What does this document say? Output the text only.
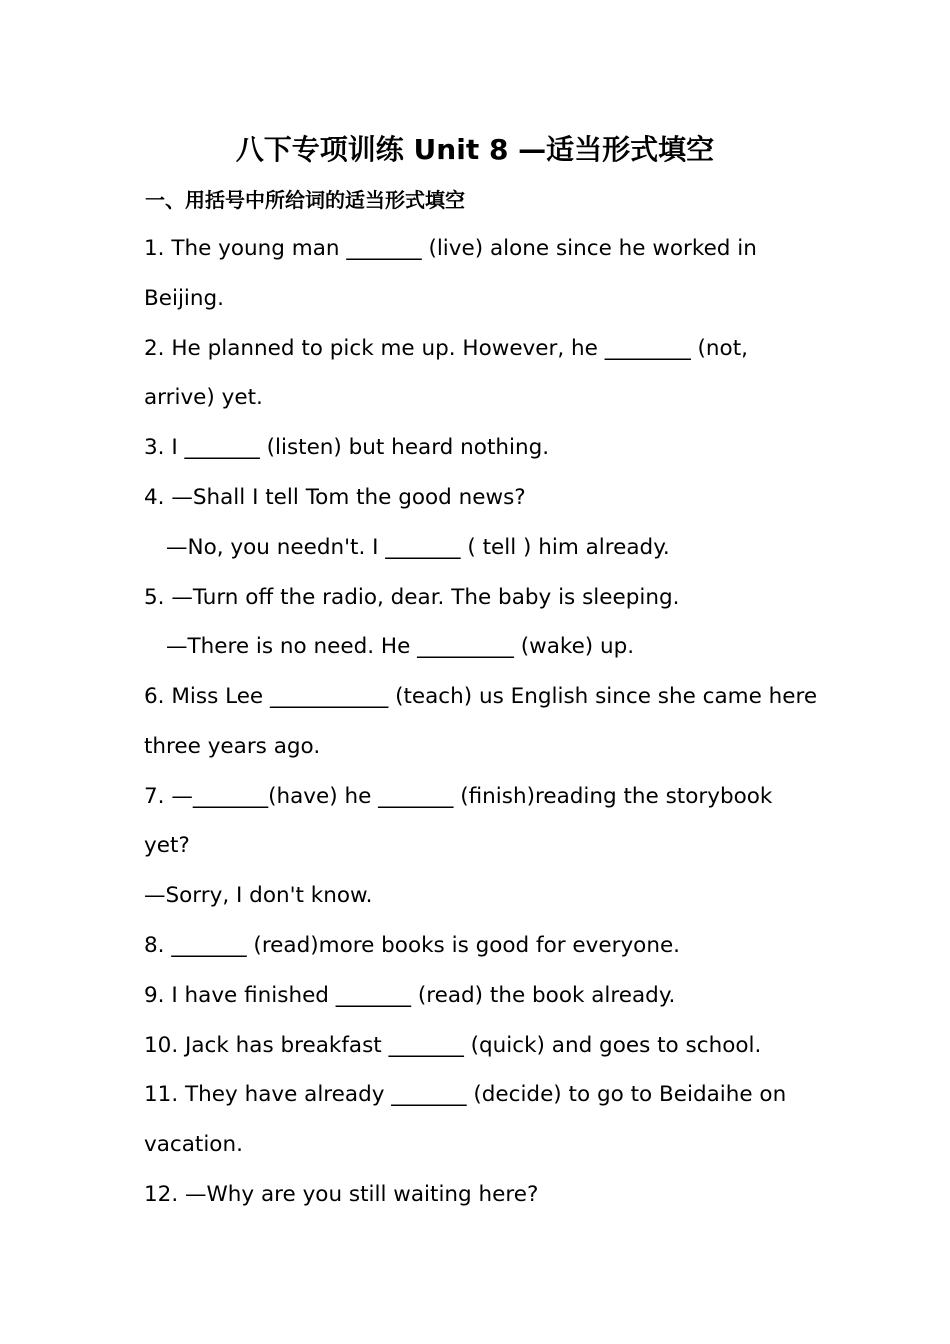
八下专项训练 Unit 8 —适当形式填空
一、用括号中所给词的适当形式填空
1. The young man _______ (live) alone since he worked in
Beijing.
2. He planned to pick me up. However, he ________ (not,
arrive) yet.
3. I _______ (listen) but heard nothing.
4. —Shall I tell Tom the good news?
—No, you needn't. I _______ ( tell ) him already.
5. —Turn off the radio, dear. The baby is sleeping.
—There is no need. He _________ (wake) up.
6. Miss Lee ___________ (teach) us English since she came here
three years ago.
7. —_______(have) he _______ (finish)reading the storybook
yet?
—Sorry, I don't know.
8. _______ (read)more books is good for everyone.
9. I have finished _______ (read) the book already.
10. Jack has breakfast _______ (quick) and goes to school.
11. They have already _______ (decide) to go to Beidaihe on
vacation.
12. —Why are you still waiting here?
